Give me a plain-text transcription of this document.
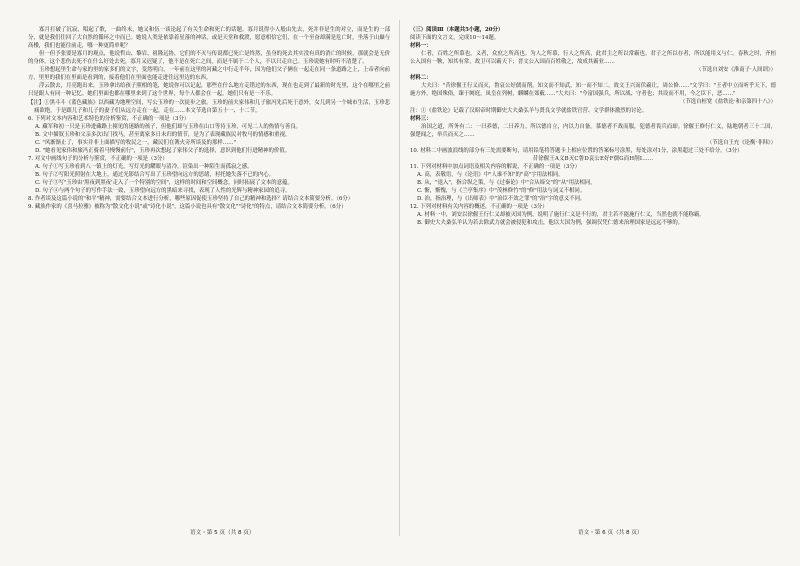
寡月打破了沉寂，唱起了歌，一曲终末，她又和伍一谈论起了有关生命和死亡的话题。寡月说得小人般由先去，死并非是生的对立，而是生的一部分，就是我们往回了大自然的循环之中而已。她说人类是依靠着星落的神话，或是天堂和救渡，愿意相信它们，在一个至奋却满是危亡时，坐落于山巅与高楼，我们也能往前走，哪一种更简单呢？

但一但予张要是寡月的观点，他说哲山、黎岩、祖隆远协，它们的不灭与传说都已死亡是终然，虽身的死去其实没有真的消亡的时候，那就会是无价的身体，这个悲伤去死不在什么好处去死，寡月又迟疑了，他不是在死亡之间，而是不属于二个人，不以只走自己。玉珍说她有时听不清楚了。

玉珍想起里生命与家的里的家多们的文字，变然明白，一年前在这里的河藏之中行走半年，因为他们父子俩在一起走在同一条道路之上，上帝者向前方，里里的我们在里面是看到的，接着他们在里面也能走进往远里边的东西。

浮云散去，月亮跑出来，玉珍拿出给孩子照相的笔，她说你可以记起，那些在什么地方走错过的东西，现在也走到了最新的时光里，这个在哪里之前只是跟人有同一种记忆。她们里面也都在哪里来到了这个世界，每个人都会在一起，她们只有是一不乐。

【注】①黑斗斗《蓝色藏族》以西藏为地理空间，写公玉珍的一次徒步之旅。玉珍的前夫家伟和儿子旅冯先后死于意外，女儿到另一个城市生活，玉珍悲痛欲绝，于是跟儿子和儿子的妻子们从远方走在一起，走在……本文节选自第五十一、十二节。

6. 下列对文本内容和艺术特色的分析鉴赏，不正确的一项是（3分）

A. 藏军和初一只是玉珍进藏路上撞见的迷路的孩子，但他们却与玉珍在山口等待玉珍，可见二人的热情与善良。

B. 文中描叙玉珍和父亲多次出门找马，甚至离家多日未归的情节，是为了表现藏族民对牧马的情感和重视。

C. "风渐渐止了，事实并非上面描写的牧民之一，藏民们在篝火旁所谈及的那样……"

D. "她看见家伟和旅冯正骑着马慢慢前行"，玉珍再次想起了家伟父子的选择，意识到他们行进精神的价值。

7. 对文中画线句子的分析与鉴赏，不正确的一项是（3分）

A. 句子①写玉珍看到八一镇上的灯光，写灯光的耀眼与清冷，渲染出一种陌生而孤寂之感。

B. 句子②写阳光照射在大地上，通过光影结合写出了玉珍望向远方的思绪，衬托她失落不已的内心。

C. 句子③写"玉珍由'黑夜到黑夜'走入了一个特别的空间"，这样的时间和空间概念，同时拓展了文本的意蕴。

D. 句子④与两个句子的写作手法一致，玉珍望向远方的黑暗来寻找，表现了人性的光辉与精神家园的追寻。

8. 作者谈及这篇小说的"和平"精神，需要结合文本进行分析，哪些原因促使玉珍坚持了自己的精神和选择？请结合文本简要分析。（6分）

9. 藏族作家的《喜马拉雅》被称为"散文化小说"或"诗化小说"，这篇小说也具有"散文化""诗化"的特点，请结合文本简要分析。（6分）

（三）阅读Ⅲ（本题共5小题，20分）

阅读下面的文言文，完成10～14题。

材料一：

仁者，百姓之所慕也，义者，众庶之所高也。为人之所慕，行人之所高，此君主之所以常霸也。君子之所以存者，所以能用义与仁。春秋之时，齐桓公入国有一鞅，知其有常，故卫可以霸天下；晋文公入国而百姓敬之，故成其霸业……

（节选自刘安《淮南子·人间训》）

材料二：

大夫曰："昔徐偃王行义而灭，鲁哀公好儒而削，知文而不知武，知一而不知二。故文王兴而伏羲让，周公修……"文学曰："王者中立而听乎天下，德施方外，绝国殊俗，臻于阙庭，凤皇在列树，麒麟在郊薮……"大夫曰："今富国强兵，所以战、守者也；其设而不用，今之臣下，恶……"

（节选自桓宽《盐铁论·和亲第四十八》）

注：①《盐铁论》记载了汉昭帝时期御史大夫桑弘羊与贤良文学就盐铁官营、文学群体激烈的讨论。

材料三：

治国之道，所务有二：一曰养德，二曰养力。所以德自立，内以力自备。慕德者不战而服，犯德者畏兵而却。徐偃王修行仁义，陆地朝者三十二国，强楚闻之，举兵而灭之……

（节选自王充《论衡·非韩》）

10. 材料二中画波浪线的部分有三处需要断句，请用铅笔将答题卡上相应位置的答案标号涂黑，每处涂对1分，涂黑超过三处不给分。（3分）

昔徐偃王A义B灭C鲁D哀公E好F儒G而H削I……

11. 下列对材料中加点词语及相关内容的解说，不正确的一项是（3分）

A. 高，表敬语，与《论语》中"人谁不知"的"高"字用法相同。

B. 从，"退入"，指合纵之策，与《过秦论》中"合从缔交"的"从"用法相同。

C. 惭，惭愧，与《兰亭集序》中"茂林修竹"的"修"用法与词义不相同。

D. 治，指治理，与《出师表》中"治臣不效之罪"的"治"字的意义不同。

12. 下列对材料有关内容的概述，不正确的一项是（3分）

A. 材料一中，刘安以徐偃王行仁义却被灭国为例，说明了施行仁义是不行的，君主若不能施行仁义，当然也就不能称霸。

B. 御史大夫桑弘羊认为若去除武力就会被侵犯和攻击，他以大国为例，强调仅凭仁德来治理国家是远远不够的。

语文・第 5 页（共 8 页）	语文・第 6 页（共 8 页）
